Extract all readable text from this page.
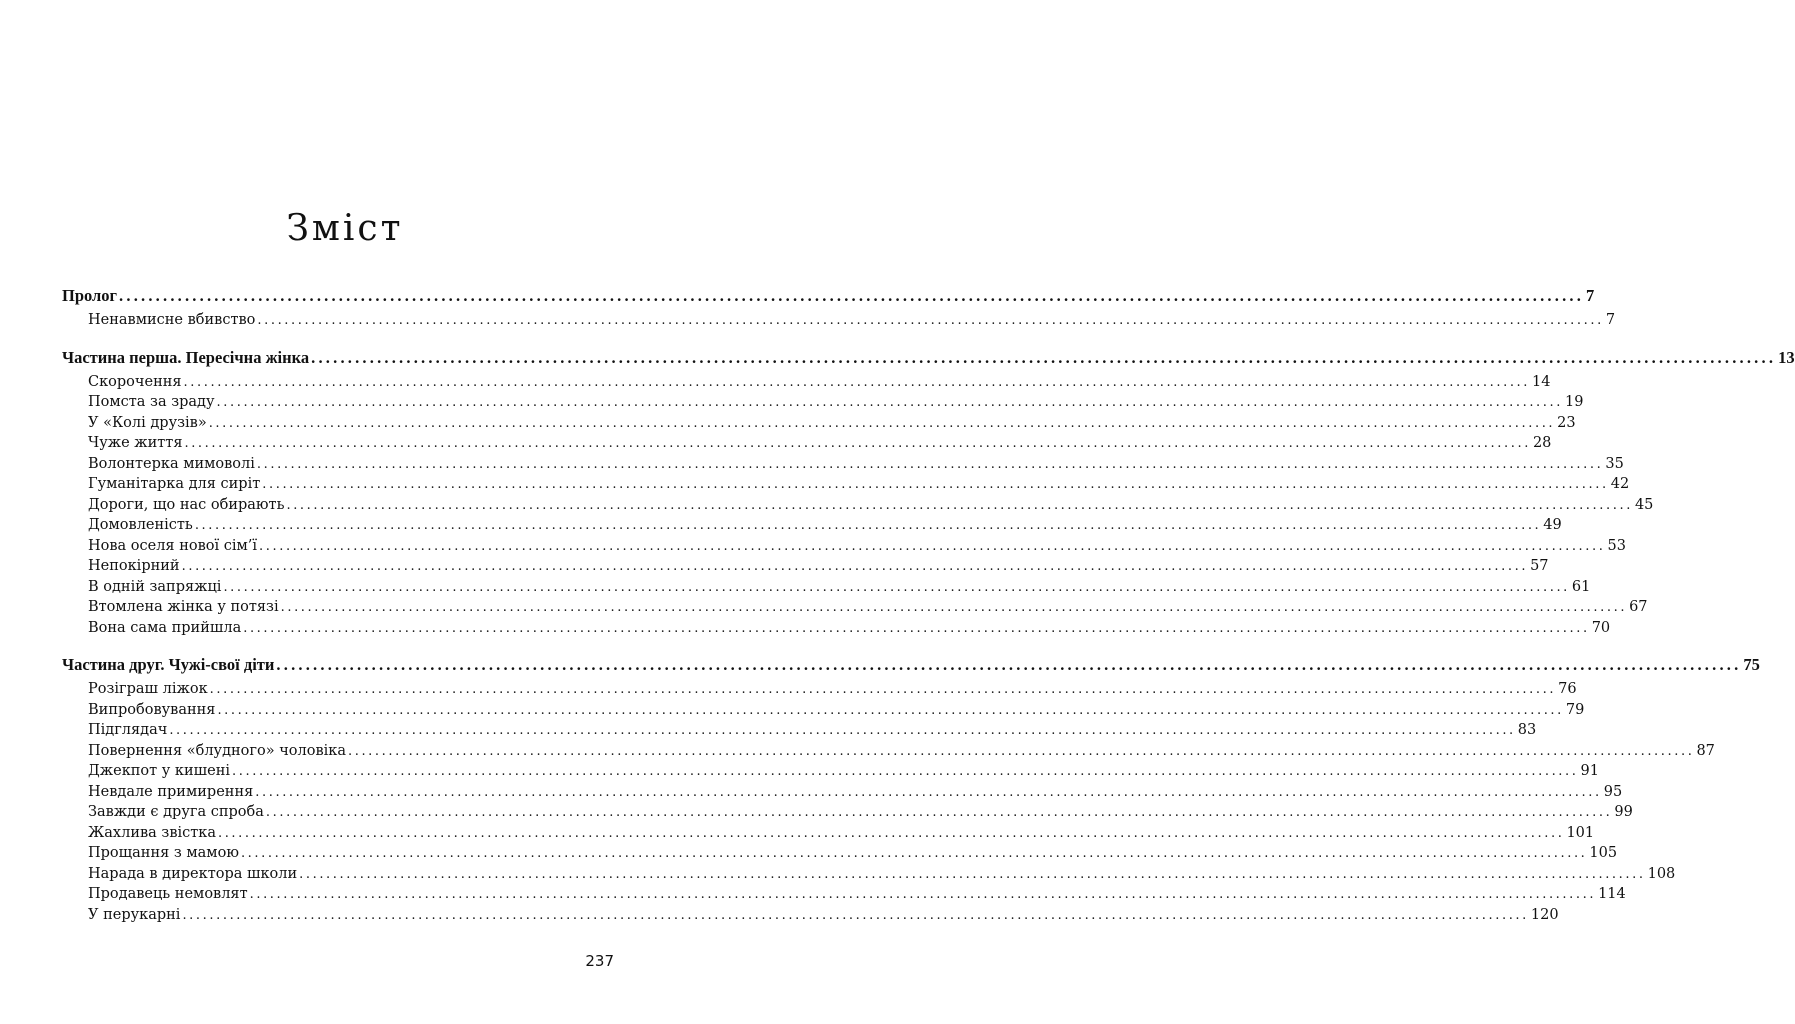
Зміст
Пролог ........................................................................................................................................................................................................ 7
Ненавмисне вбивство ........................................................................................................................................................................................................ 7
Частина перша. Пересічна жінка ........................................................................................................................................................................................................ 13
Скорочення ........................................................................................................................................................................................................ 14
Помста за зраду ........................................................................................................................................................................................................ 19
У «Колі друзів» ........................................................................................................................................................................................................ 23
Чуже життя ........................................................................................................................................................................................................ 28
Волонтерка мимоволі ........................................................................................................................................................................................................ 35
Гуманітарка для сиріт ........................................................................................................................................................................................................ 42
Дороги, що нас обирають ........................................................................................................................................................................................................ 45
Домовленість ........................................................................................................................................................................................................ 49
Нова оселя нової сім’ї ........................................................................................................................................................................................................ 53
Непокірний ........................................................................................................................................................................................................ 57
В одній запряжці ........................................................................................................................................................................................................ 61
Втомлена жінка у потязі ........................................................................................................................................................................................................ 67
Вона сама прийшла ........................................................................................................................................................................................................ 70
Частина друг. Чужі-свої діти ........................................................................................................................................................................................................ 75
Розіграш ліжок ........................................................................................................................................................................................................ 76
Випробовування ........................................................................................................................................................................................................ 79
Підглядач ........................................................................................................................................................................................................ 83
Повернення «блудного» чоловіка ........................................................................................................................................................................................................ 87
Джекпот у кишені ........................................................................................................................................................................................................ 91
Невдале примирення ........................................................................................................................................................................................................ 95
Завжди є друга спроба ........................................................................................................................................................................................................ 99
Жахлива звістка ........................................................................................................................................................................................................ 101
Прощання з мамою ........................................................................................................................................................................................................ 105
Нарада в директора школи ........................................................................................................................................................................................................ 108
Продавець немовлят ........................................................................................................................................................................................................ 114
У перукарні ........................................................................................................................................................................................................ 120
237
